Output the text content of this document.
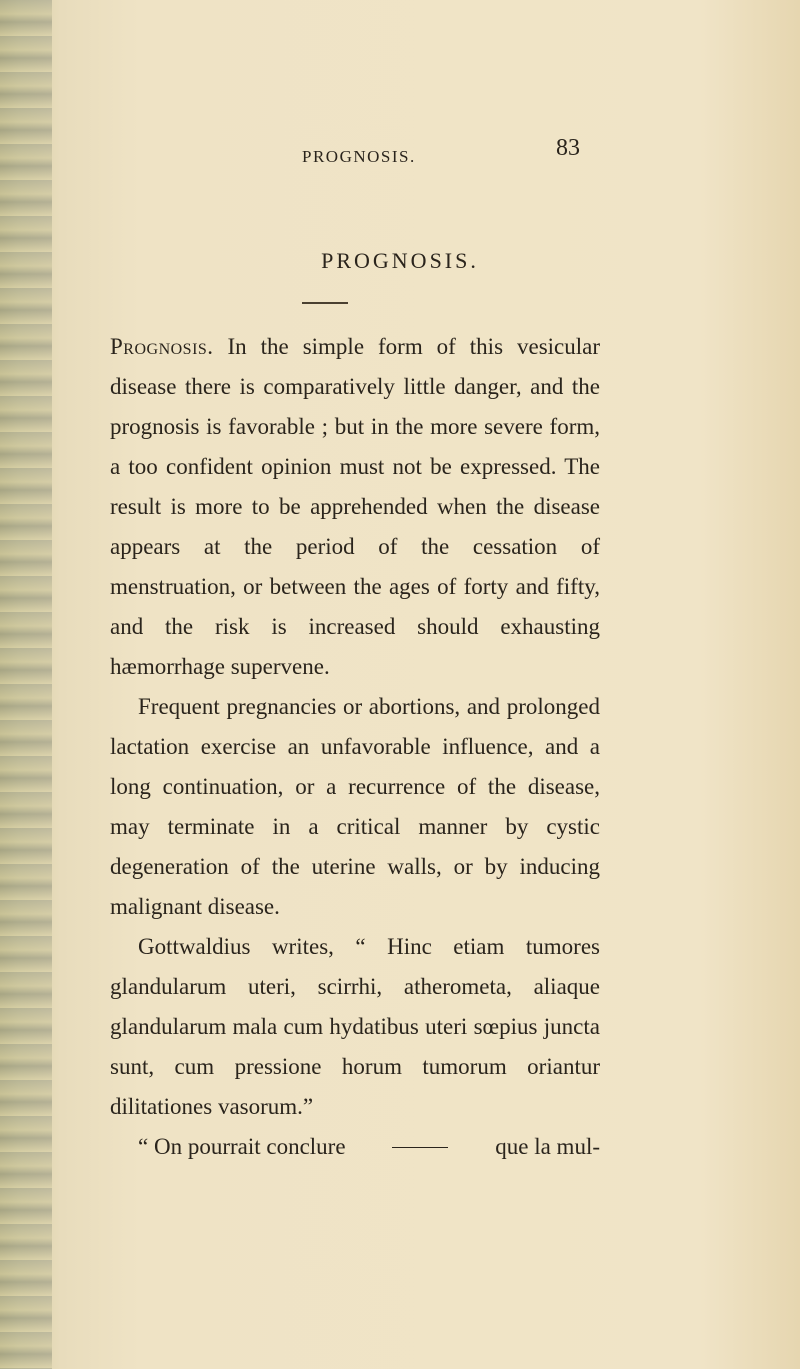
PROGNOSIS.	83
PROGNOSIS.

Prognosis. In the simple form of this vesicular disease there is comparatively little danger, and the prognosis is favorable ; but in the more severe form, a too confident opinion must not be expressed. The result is more to be apprehended when the disease appears at the period of the cessation of menstruation, or between the ages of forty and fifty, and the risk is increased should exhausting hæmorrhage supervene.

Frequent pregnancies or abortions, and prolonged lactation exercise an unfavorable influence, and a long continuation, or a recurrence of the disease, may terminate in a critical manner by cystic degeneration of the uterine walls, or by inducing malignant disease.

Gottwaldius writes, “ Hinc etiam tumores glandularum uteri, scirrhi, atherometa, aliaque glandularum mala cum hydatibus uteri sœpius juncta sunt, cum pressione horum tumorum oriantur dilitationes vasorum.”

“ On pourrait conclure	que la mul-
